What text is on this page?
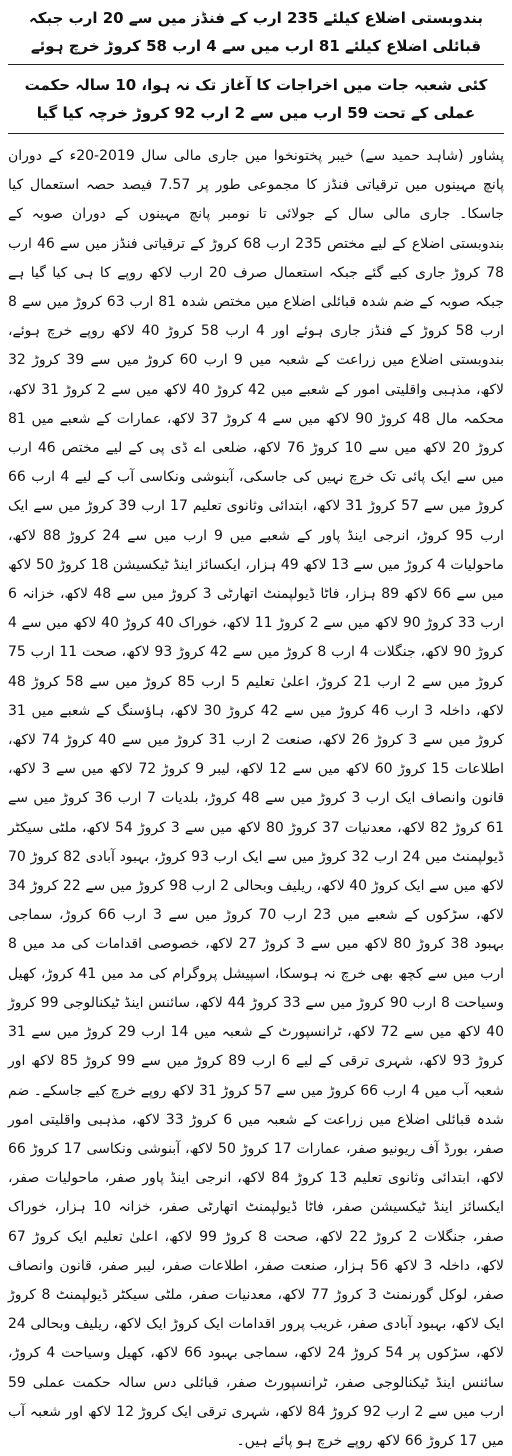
بندوبستی اضلاع کیلئے 235 ارب کے فنڈز میں سے 20 ارب جبکہ قبائلی اضلاع کیلئے 81 ارب میں سے 4 ارب 58 کروڑ خرچ ہوئے

کئی شعبہ جات میں اخراجات کا آغاز تک نہ ہوا، 10 سالہ حکمت عملی کے تحت 59 ارب میں سے 2 ارب 92 کروڑ خرچہ کیا گیا

پشاور (شاہد حمید سے) خیبر پختونخوا میں جاری مالی سال 2019-20ء کے دوران پانچ مہینوں میں ترقیاتی فنڈز کا مجموعی طور پر 7.57 فیصد حصہ استعمال کیا جاسکا۔ جاری مالی سال کے جولائی تا نومبر پانچ مہینوں کے دوران صوبہ کے بندوبستی اضلاع کے لیے مختص 235 ارب 68 کروڑ کے ترقیاتی فنڈز میں سے 46 ارب 78 کروڑ جاری کیے گئے جبکہ استعمال صرف 20 ارب لاکھ روپے کا ہی کیا گیا ہے جبکہ صوبہ کے ضم شدہ قبائلی اضلاع میں مختص شدہ 81 ارب 63 کروڑ میں سے 8 ارب 58 کروڑ کے فنڈز جاری ہوئے اور 4 ارب 58 کروڑ 40 لاکھ روپے خرچ ہوئے، بندوبستی اضلاع میں زراعت کے شعبہ میں 9 ارب 60 کروڑ میں سے 39 کروڑ 32 لاکھ، مذہبی واقلیتی امور کے شعبے میں 42 کروڑ 40 لاکھ میں سے 2 کروڑ 31 لاکھ، محکمہ مال 48 کروڑ 90 لاکھ میں سے 4 کروڑ 37 لاکھ، عمارات کے شعبے میں 81 کروڑ 20 لاکھ میں سے 10 کروڑ 76 لاکھ، ضلعی اے ڈی پی کے لیے مختص 46 ارب میں سے ایک پائی تک خرچ نہیں کی جاسکی، آبنوشی ونکاسی آب کے لیے 4 ارب 66 کروڑ میں سے 57 کروڑ 31 لاکھ، ابتدائی وثانوی تعلیم 17 ارب 39 کروڑ میں سے ایک ارب 95 کروڑ، انرجی اینڈ پاور کے شعبے میں 9 ارب میں سے 24 کروڑ 88 لاکھ، ماحولیات 4 کروڑ میں سے 13 لاکھ 49 ہزار، ایکسائز اینڈ ٹیکسیشن 18 کروڑ 50 لاکھ میں سے 66 لاکھ 89 ہزار، فاٹا ڈیولپمنٹ اتھارٹی 3 کروڑ میں سے 48 لاکھ، خزانہ 6 ارب 33 کروڑ 90 لاکھ میں سے 2 کروڑ 11 لاکھ، خوراک 40 کروڑ 40 لاکھ میں سے 4 کروڑ 90 لاکھ، جنگلات 4 ارب 8 کروڑ میں سے 42 کروڑ 93 لاکھ، صحت 11 ارب 75 کروڑ میں سے 2 ارب 21 کروڑ، اعلیٰ تعلیم 5 ارب 85 کروڑ میں سے 58 کروڑ 48 لاکھ، داخلہ 3 ارب 46 کروڑ میں سے 42 کروڑ 30 لاکھ، ہاؤسنگ کے شعبے میں 31 کروڑ میں سے 3 کروڑ 26 لاکھ، صنعت 2 ارب 31 کروڑ میں سے 40 کروڑ 74 لاکھ، اطلاعات 15 کروڑ 60 لاکھ میں سے 12 لاکھ، لیبر 9 کروڑ 72 لاکھ میں سے 3 لاکھ، قانون وانصاف ایک ارب 3 کروڑ میں سے 48 کروڑ، بلدیات 7 ارب 36 کروڑ میں سے 61 کروڑ 82 لاکھ، معدنیات 37 کروڑ 80 لاکھ میں سے 3 کروڑ 54 لاکھ، ملٹی سیکٹر ڈیولپمنٹ میں 24 ارب 32 کروڑ میں سے ایک ارب 93 کروڑ، بہبود آبادی 82 کروڑ 70 لاکھ میں سے ایک کروڑ 40 لاکھ، ریلیف وبحالی 2 ارب 98 کروڑ میں سے 22 کروڑ 34 لاکھ، سڑکوں کے شعبے میں 23 ارب 70 کروڑ میں سے 3 ارب 66 کروڑ، سماجی بہبود 38 کروڑ 80 لاکھ میں سے 3 کروڑ 27 لاکھ، خصوصی اقدامات کی مد میں 8 ارب میں سے کچھ بھی خرچ نہ ہوسکا، اسپیشل پروگرام کی مد میں 41 کروڑ، کھیل وسیاحت 8 ارب 90 کروڑ میں سے 33 کروڑ 44 لاکھ، سائنس اینڈ ٹیکنالوجی 99 کروڑ 40 لاکھ میں سے 72 لاکھ، ٹرانسپورٹ کے شعبہ میں 14 ارب 29 کروڑ میں سے 31 کروڑ 93 لاکھ، شہری ترقی کے لیے 6 ارب 89 کروڑ میں سے 99 کروڑ 85 لاکھ اور شعبہ آب میں 4 ارب 66 کروڑ میں سے 57 کروڑ 31 لاکھ روپے خرچ کیے جاسکے۔ ضم شدہ قبائلی اضلاع میں زراعت کے شعبہ میں 6 کروڑ 33 لاکھ، مذہبی واقلیتی امور صفر، بورڈ آف ریونیو صفر، عمارات 17 کروڑ 50 لاکھ، آبنوشی ونکاسی 17 کروڑ 66 لاکھ، ابتدائی وثانوی تعلیم 13 کروڑ 84 لاکھ، انرجی اینڈ پاور صفر، ماحولیات صفر، ایکسائز اینڈ ٹیکسیشن صفر، فاٹا ڈیولپمنٹ اتھارٹی صفر، خزانہ 10 ہزار، خوراک صفر، جنگلات 2 کروڑ 22 لاکھ، صحت 8 کروڑ 99 لاکھ، اعلیٰ تعلیم ایک کروڑ 67 لاکھ، داخلہ 3 لاکھ 56 ہزار، صنعت صفر، اطلاعات صفر، لیبر صفر، قانون وانصاف صفر، لوکل گورنمنٹ 3 کروڑ 77 لاکھ، معدنیات صفر، ملٹی سیکٹر ڈیولپمنٹ 8 کروڑ ایک لاکھ، بہبود آبادی صفر، غریب پرور اقدامات ایک کروڑ ایک لاکھ، ریلیف وبحالی 24 لاکھ، سڑکوں پر 54 کروڑ 24 لاکھ، سماجی بہبود 66 لاکھ، کھیل وسیاحت 4 کروڑ، سائنس اینڈ ٹیکنالوجی صفر، ٹرانسپورٹ صفر، قبائلی دس سالہ حکمت عملی 59 ارب میں سے 2 ارب 92 کروڑ 84 لاکھ، شہری ترقی ایک کروڑ 12 لاکھ اور شعبہ آب میں 17 کروڑ 66 لاکھ روپے خرچ ہو پائے ہیں۔
